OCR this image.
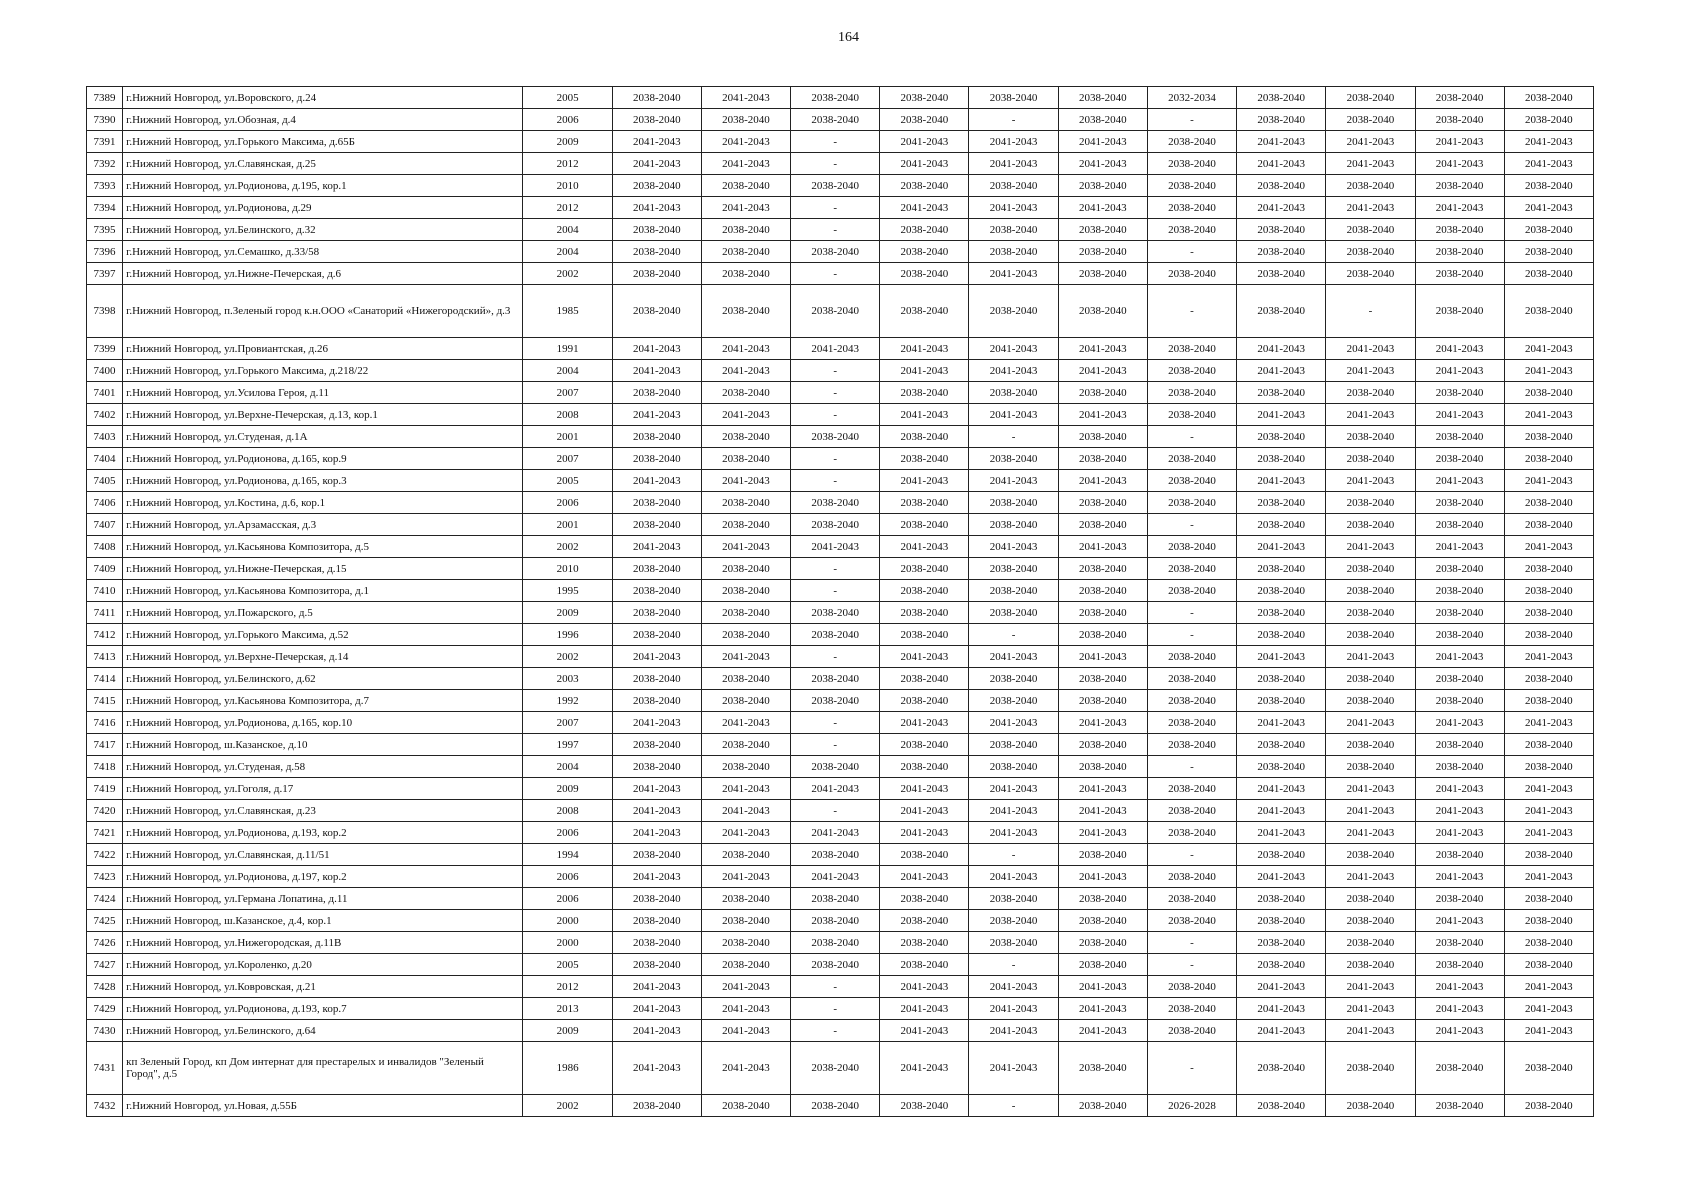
164
7389	г.Нижний Новгород, ул.Воровского, д.24	2005	2038-2040	2041-2043	2038-2040	2038-2040	2038-2040	2038-2040	2032-2034	2038-2040	2038-2040	2038-2040	2038-2040
7390	г.Нижний Новгород, ул.Обозная, д.4	2006	2038-2040	2038-2040	2038-2040	2038-2040	-	2038-2040	-	2038-2040	2038-2040	2038-2040	2038-2040
7391	г.Нижний Новгород, ул.Горького Максима, д.65Б	2009	2041-2043	2041-2043	-	2041-2043	2041-2043	2041-2043	2038-2040	2041-2043	2041-2043	2041-2043	2041-2043
7392	г.Нижний Новгород, ул.Славянская, д.25	2012	2041-2043	2041-2043	-	2041-2043	2041-2043	2041-2043	2038-2040	2041-2043	2041-2043	2041-2043	2041-2043
7393	г.Нижний Новгород, ул.Родионова, д.195, кор.1	2010	2038-2040	2038-2040	2038-2040	2038-2040	2038-2040	2038-2040	2038-2040	2038-2040	2038-2040	2038-2040	2038-2040
7394	г.Нижний Новгород, ул.Родионова, д.29	2012	2041-2043	2041-2043	-	2041-2043	2041-2043	2041-2043	2038-2040	2041-2043	2041-2043	2041-2043	2041-2043
7395	г.Нижний Новгород, ул.Белинского, д.32	2004	2038-2040	2038-2040	-	2038-2040	2038-2040	2038-2040	2038-2040	2038-2040	2038-2040	2038-2040	2038-2040
7396	г.Нижний Новгород, ул.Семашко, д.33/58	2004	2038-2040	2038-2040	2038-2040	2038-2040	2038-2040	2038-2040	-	2038-2040	2038-2040	2038-2040	2038-2040
7397	г.Нижний Новгород, ул.Нижне-Печерская, д.6	2002	2038-2040	2038-2040	-	2038-2040	2041-2043	2038-2040	2038-2040	2038-2040	2038-2040	2038-2040	2038-2040
7398	г.Нижний Новгород, п.Зеленый город к.н.ООО «Санаторий «Нижегородский», д.3	1985	2038-2040	2038-2040	2038-2040	2038-2040	2038-2040	2038-2040	-	2038-2040	-	2038-2040	2038-2040
7399	г.Нижний Новгород, ул.Провиантская, д.26	1991	2041-2043	2041-2043	2041-2043	2041-2043	2041-2043	2041-2043	2038-2040	2041-2043	2041-2043	2041-2043	2041-2043
7400	г.Нижний Новгород, ул.Горького Максима, д.218/22	2004	2041-2043	2041-2043	-	2041-2043	2041-2043	2041-2043	2038-2040	2041-2043	2041-2043	2041-2043	2041-2043
7401	г.Нижний Новгород, ул.Усилова Героя, д.11	2007	2038-2040	2038-2040	-	2038-2040	2038-2040	2038-2040	2038-2040	2038-2040	2038-2040	2038-2040	2038-2040
7402	г.Нижний Новгород, ул.Верхне-Печерская, д.13, кор.1	2008	2041-2043	2041-2043	-	2041-2043	2041-2043	2041-2043	2038-2040	2041-2043	2041-2043	2041-2043	2041-2043
7403	г.Нижний Новгород, ул.Студеная, д.1А	2001	2038-2040	2038-2040	2038-2040	2038-2040	-	2038-2040	-	2038-2040	2038-2040	2038-2040	2038-2040
7404	г.Нижний Новгород, ул.Родионова, д.165, кор.9	2007	2038-2040	2038-2040	-	2038-2040	2038-2040	2038-2040	2038-2040	2038-2040	2038-2040	2038-2040	2038-2040
7405	г.Нижний Новгород, ул.Родионова, д.165, кор.3	2005	2041-2043	2041-2043	-	2041-2043	2041-2043	2041-2043	2038-2040	2041-2043	2041-2043	2041-2043	2041-2043
7406	г.Нижний Новгород, ул.Костина, д.6, кор.1	2006	2038-2040	2038-2040	2038-2040	2038-2040	2038-2040	2038-2040	2038-2040	2038-2040	2038-2040	2038-2040	2038-2040
7407	г.Нижний Новгород, ул.Арзамасская, д.3	2001	2038-2040	2038-2040	2038-2040	2038-2040	2038-2040	2038-2040	-	2038-2040	2038-2040	2038-2040	2038-2040
7408	г.Нижний Новгород, ул.Касьянова Композитора, д.5	2002	2041-2043	2041-2043	2041-2043	2041-2043	2041-2043	2041-2043	2038-2040	2041-2043	2041-2043	2041-2043	2041-2043
7409	г.Нижний Новгород, ул.Нижне-Печерская, д.15	2010	2038-2040	2038-2040	-	2038-2040	2038-2040	2038-2040	2038-2040	2038-2040	2038-2040	2038-2040	2038-2040
7410	г.Нижний Новгород, ул.Касьянова Композитора, д.1	1995	2038-2040	2038-2040	-	2038-2040	2038-2040	2038-2040	2038-2040	2038-2040	2038-2040	2038-2040	2038-2040
7411	г.Нижний Новгород, ул.Пожарского, д.5	2009	2038-2040	2038-2040	2038-2040	2038-2040	2038-2040	2038-2040	-	2038-2040	2038-2040	2038-2040	2038-2040
7412	г.Нижний Новгород, ул.Горького Максима, д.52	1996	2038-2040	2038-2040	2038-2040	2038-2040	-	2038-2040	-	2038-2040	2038-2040	2038-2040	2038-2040
7413	г.Нижний Новгород, ул.Верхне-Печерская, д.14	2002	2041-2043	2041-2043	-	2041-2043	2041-2043	2041-2043	2038-2040	2041-2043	2041-2043	2041-2043	2041-2043
7414	г.Нижний Новгород, ул.Белинского, д.62	2003	2038-2040	2038-2040	2038-2040	2038-2040	2038-2040	2038-2040	2038-2040	2038-2040	2038-2040	2038-2040	2038-2040
7415	г.Нижний Новгород, ул.Касьянова Композитора, д.7	1992	2038-2040	2038-2040	2038-2040	2038-2040	2038-2040	2038-2040	2038-2040	2038-2040	2038-2040	2038-2040	2038-2040
7416	г.Нижний Новгород, ул.Родионова, д.165, кор.10	2007	2041-2043	2041-2043	-	2041-2043	2041-2043	2041-2043	2038-2040	2041-2043	2041-2043	2041-2043	2041-2043
7417	г.Нижний Новгород, ш.Казанское, д.10	1997	2038-2040	2038-2040	-	2038-2040	2038-2040	2038-2040	2038-2040	2038-2040	2038-2040	2038-2040	2038-2040
7418	г.Нижний Новгород, ул.Студеная, д.58	2004	2038-2040	2038-2040	2038-2040	2038-2040	2038-2040	2038-2040	-	2038-2040	2038-2040	2038-2040	2038-2040
7419	г.Нижний Новгород, ул.Гоголя, д.17	2009	2041-2043	2041-2043	2041-2043	2041-2043	2041-2043	2041-2043	2038-2040	2041-2043	2041-2043	2041-2043	2041-2043
7420	г.Нижний Новгород, ул.Славянская, д.23	2008	2041-2043	2041-2043	-	2041-2043	2041-2043	2041-2043	2038-2040	2041-2043	2041-2043	2041-2043	2041-2043
7421	г.Нижний Новгород, ул.Родионова, д.193, кор.2	2006	2041-2043	2041-2043	2041-2043	2041-2043	2041-2043	2041-2043	2038-2040	2041-2043	2041-2043	2041-2043	2041-2043
7422	г.Нижний Новгород, ул.Славянская, д.11/51	1994	2038-2040	2038-2040	2038-2040	2038-2040	-	2038-2040	-	2038-2040	2038-2040	2038-2040	2038-2040
7423	г.Нижний Новгород, ул.Родионова, д.197, кор.2	2006	2041-2043	2041-2043	2041-2043	2041-2043	2041-2043	2041-2043	2038-2040	2041-2043	2041-2043	2041-2043	2041-2043
7424	г.Нижний Новгород, ул.Германа Лопатина, д.11	2006	2038-2040	2038-2040	2038-2040	2038-2040	2038-2040	2038-2040	2038-2040	2038-2040	2038-2040	2038-2040	2038-2040
7425	г.Нижний Новгород, ш.Казанское, д.4, кор.1	2000	2038-2040	2038-2040	2038-2040	2038-2040	2038-2040	2038-2040	2038-2040	2038-2040	2038-2040	2041-2043	2038-2040
7426	г.Нижний Новгород, ул.Нижегородская, д.11В	2000	2038-2040	2038-2040	2038-2040	2038-2040	2038-2040	2038-2040	-	2038-2040	2038-2040	2038-2040	2038-2040
7427	г.Нижний Новгород, ул.Короленко, д.20	2005	2038-2040	2038-2040	2038-2040	2038-2040	-	2038-2040	-	2038-2040	2038-2040	2038-2040	2038-2040
7428	г.Нижний Новгород, ул.Ковровская, д.21	2012	2041-2043	2041-2043	-	2041-2043	2041-2043	2041-2043	2038-2040	2041-2043	2041-2043	2041-2043	2041-2043
7429	г.Нижний Новгород, ул.Родионова, д.193, кор.7	2013	2041-2043	2041-2043	-	2041-2043	2041-2043	2041-2043	2038-2040	2041-2043	2041-2043	2041-2043	2041-2043
7430	г.Нижний Новгород, ул.Белинского, д.64	2009	2041-2043	2041-2043	-	2041-2043	2041-2043	2041-2043	2038-2040	2041-2043	2041-2043	2041-2043	2041-2043
7431	кп Зеленый Город, кп Дом интернат для престарелых и инвалидов "Зеленый Город", д.5	1986	2041-2043	2041-2043	2038-2040	2041-2043	2041-2043	2038-2040	-	2038-2040	2038-2040	2038-2040	2038-2040
7432	г.Нижний Новгород, ул.Новая, д.55Б	2002	2038-2040	2038-2040	2038-2040	2038-2040	-	2038-2040	2026-2028	2038-2040	2038-2040	2038-2040	2038-2040
